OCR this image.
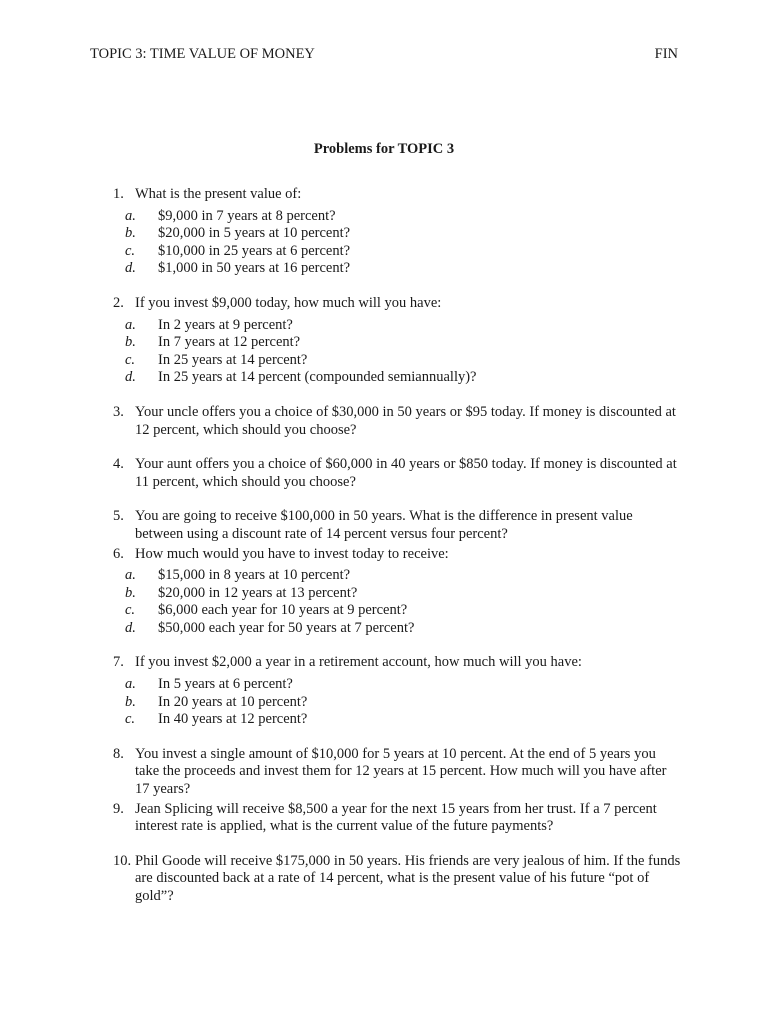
TOPIC 3: TIME VALUE OF MONEY	FIN
Problems for TOPIC 3
1. What is the present value of:
a. $9,000 in 7 years at 8 percent?
b. $20,000 in 5 years at 10 percent?
c. $10,000 in 25 years at 6 percent?
d. $1,000 in 50 years at 16 percent?
2. If you invest $9,000 today, how much will you have:
a. In 2 years at 9 percent?
b. In 7 years at 12 percent?
c. In 25 years at 14 percent?
d. In 25 years at 14 percent (compounded semiannually)?
3. Your uncle offers you a choice of $30,000 in 50 years or $95 today. If money is discounted at 12 percent, which should you choose?
4. Your aunt offers you a choice of $60,000 in 40 years or $850 today. If money is discounted at 11 percent, which should you choose?
5. You are going to receive $100,000 in 50 years. What is the difference in present value between using a discount rate of 14 percent versus four percent?
6. How much would you have to invest today to receive:
a. $15,000 in 8 years at 10 percent?
b. $20,000 in 12 years at 13 percent?
c. $6,000 each year for 10 years at 9 percent?
d. $50,000 each year for 50 years at 7 percent?
7. If you invest $2,000 a year in a retirement account, how much will you have:
a. In 5 years at 6 percent?
b. In 20 years at 10 percent?
c. In 40 years at 12 percent?
8. You invest a single amount of $10,000 for 5 years at 10 percent. At the end of 5 years you take the proceeds and invest them for 12 years at 15 percent. How much will you have after 17 years?
9. Jean Splicing will receive $8,500 a year for the next 15 years from her trust. If a 7 percent interest rate is applied, what is the current value of the future payments?
10. Phil Goode will receive $175,000 in 50 years. His friends are very jealous of him. If the funds are discounted back at a rate of 14 percent, what is the present value of his future “pot of gold”?
